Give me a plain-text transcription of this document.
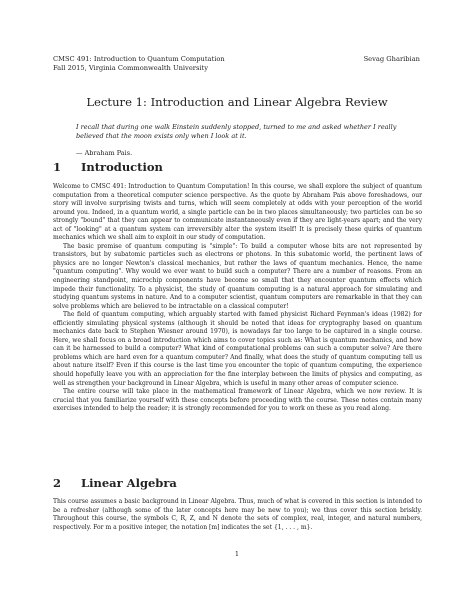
CMSC 491: Introduction to Quantum Computation
Fall 2015, Virginia Commonwealth University
Sevag Gharibian
Lecture 1: Introduction and Linear Algebra Review
I recall that during one walk Einstein suddenly stopped, turned to me and asked whether I really believed that the moon exists only when I look at it.
— Abraham Pais.
1 Introduction

Welcome to CMSC 491: Introduction to Quantum Computation! In this course, we shall explore the subject of quantum computation from a theoretical computer science perspective. As the quote by Abraham Pais above foreshadows, our story will involve surprising twists and turns, which will seem completely at odds with your perception of the world around you. Indeed, in a quantum world, a single particle can be in two places simultaneously; two particles can be so strongly "bound" that they can appear to communicate instantaneously even if they are light-years apart; and the very act of "looking" at a quantum system can irreversibly alter the system itself! It is precisely these quirks of quantum mechanics which we shall aim to exploit in our study of computation.

The basic premise of quantum computing is "simple": To build a computer whose bits are not represented by transistors, but by subatomic particles such as electrons or photons. In this subatomic world, the pertinent laws of physics are no longer Newton's classical mechanics, but rather the laws of quantum mechanics. Hence, the name "quantum computing". Why would we ever want to build such a computer? There are a number of reasons. From an engineering standpoint, microchip components have become so small that they encounter quantum effects which impede their functionality. To a physicist, the study of quantum computing is a natural approach for simulating and studying quantum systems in nature. And to a computer scientist, quantum computers are remarkable in that they can solve problems which are believed to be intractable on a classical computer!

The field of quantum computing, which arguably started with famed physicist Richard Feynman's ideas (1982) for efficiently simulating physical systems (although it should be noted that ideas for cryptography based on quantum mechanics date back to Stephen Wiesner around 1970), is nowadays far too large to be captured in a single course. Here, we shall focus on a broad introduction which aims to cover topics such as: What is quantum mechanics, and how can it be harnessed to build a computer? What kind of computational problems can such a computer solve? Are there problems which are hard even for a quantum computer? And finally, what does the study of quantum computing tell us about nature itself? Even if this course is the last time you encounter the topic of quantum computing, the experience should hopefully leave you with an appreciation for the fine interplay between the limits of physics and computing, as well as strengthen your background in Linear Algebra, which is useful in many other areas of computer science.

The entire course will take place in the mathematical framework of Linear Algebra, which we now review. It is crucial that you familiarize yourself with these concepts before proceeding with the course. These notes contain many exercises intended to help the reader; it is strongly recommended for you to work on these as you read along.

2 Linear Algebra

This course assumes a basic background in Linear Algebra. Thus, much of what is covered in this section is intended to be a refresher (although some of the later concepts here may be new to you); we thus cover this section briskly. Throughout this course, the symbols C, R, Z, and N denote the sets of complex, real, integer, and natural numbers, respectively. For m a positive integer, the notation [m] indicates the set {1, . . . , m}.

1
